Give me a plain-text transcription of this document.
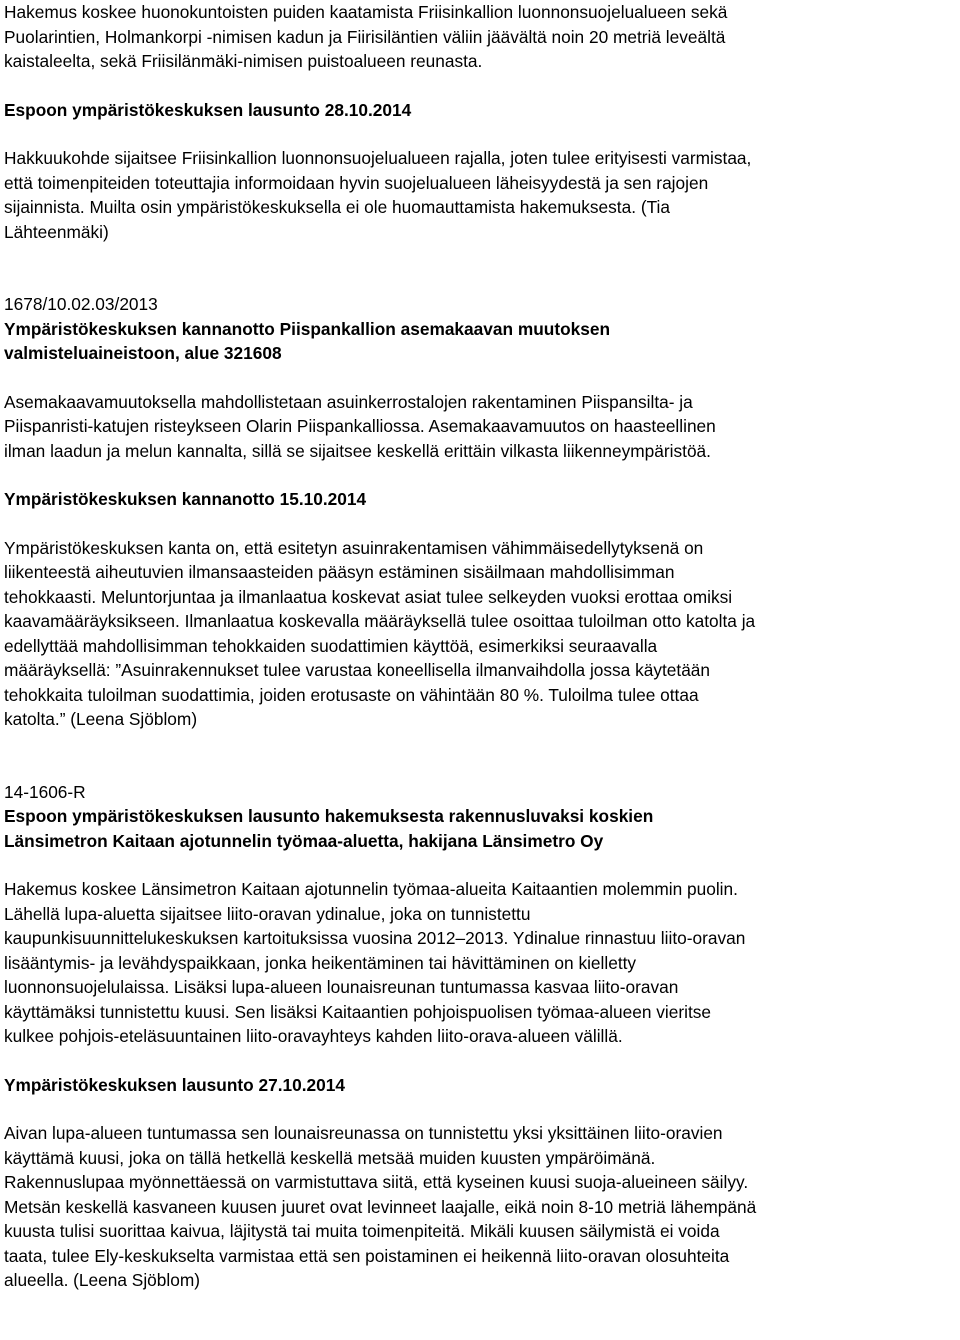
Hakemus koskee huonokuntoisten puiden kaatamista Friisinkallion luonnonsuojelualueen sekä
Puolarintien, Holmankorpi -nimisen kadun ja Fiirisiläntien väliin jäävältä noin 20 metriä leveältä
kaistaleelta, sekä Friisilänmäki-nimisen puistoalueen reunasta.
Espoon ympäristökeskuksen lausunto 28.10.2014
Hakkuukohde sijaitsee Friisinkallion luonnonsuojelualueen rajalla, joten tulee erityisesti varmistaa,
että toimenpiteiden toteuttajia informoidaan hyvin suojelualueen läheisyydestä ja sen rajojen
sijainnista. Muilta osin ympäristökeskuksella ei ole huomauttamista hakemuksesta. (Tia
Lähteenmäki)
1678/10.02.03/2013
Ympäristökeskuksen kannanotto Piispankallion asemakaavan muutoksen
valmisteluaineistoon, alue 321608
Asemakaavamuutoksella mahdollistetaan asuinkerrostalojen rakentaminen Piispansilta- ja
Piispanristi-katujen risteykseen Olarin Piispankalliossa. Asemakaavamuutos on haasteellinen
ilman laadun ja melun kannalta, sillä se sijaitsee keskellä erittäin vilkasta liikenneympäristöä.
Ympäristökeskuksen kannanotto 15.10.2014
Ympäristökeskuksen kanta on, että esitetyn asuinrakentamisen vähimmäisedellytyksenä on
liikenteestä aiheutuvien ilmansaasteiden pääsyn estäminen sisäilmaan mahdollisimman
tehokkaasti. Meluntorjuntaa ja ilmanlaatua koskevat asiat tulee selkeyden vuoksi erottaa omiksi
kaavamääräyksikseen. Ilmanlaatua koskevalla määräyksellä tulee osoittaa tuloilman otto katolta ja
edellyttää mahdollisimman tehokkaiden suodattimien käyttöä, esimerkiksi seuraavalla
määräyksellä: ”Asuinrakennukset tulee varustaa koneellisella ilmanvaihdolla jossa käytetään
tehokkaita tuloilman suodattimia, joiden erotusaste on vähintään 80 %. Tuloilma tulee ottaa
katolta.” (Leena Sjöblom)
14-1606-R
Espoon ympäristökeskuksen lausunto hakemuksesta rakennusluvaksi koskien
Länsimetron Kaitaan ajotunnelin työmaa-aluetta, hakijana Länsimetro Oy
Hakemus koskee Länsimetron Kaitaan ajotunnelin työmaa-alueita Kaitaantien molemmin puolin.
Lähellä lupa-aluetta sijaitsee liito-oravan ydinalue, joka on tunnistettu
kaupunkisuunnittelukeskuksen kartoituksissa vuosina 2012–2013. Ydinalue rinnastuu liito-oravan
lisääntymis- ja levähdyspaikkaan, jonka heikentäminen tai hävittäminen on kielletty
luonnonsuojelulaissa. Lisäksi lupa-alueen lounaisreunan tuntumassa kasvaa liito-oravan
käyttämäksi tunnistettu kuusi. Sen lisäksi Kaitaantien pohjoispuolisen työmaa-alueen vieritse
kulkee pohjois-eteläsuuntainen liito-oravayhteys kahden liito-orava-alueen välillä.
Ympäristökeskuksen lausunto 27.10.2014
Aivan lupa-alueen tuntumassa sen lounaisreunassa on tunnistettu yksi yksittäinen liito-oravien
käyttämä kuusi, joka on tällä hetkellä keskellä metsää muiden kuusten ympäröimänä.
Rakennuslupaa myönnettäessä on varmistuttava siitä, että kyseinen kuusi suoja-alueineen säilyy.
Metsän keskellä kasvaneen kuusen juuret ovat levinneet laajalle, eikä noin 8-10 metriä lähempänä
kuusta tulisi suorittaa kaivua, läjitystä tai muita toimenpiteitä. Mikäli kuusen säilymistä ei voida
taata, tulee Ely-keskukselta varmistaa että sen poistaminen ei heikennä liito-oravan olosuhteita
alueella. (Leena Sjöblom)
